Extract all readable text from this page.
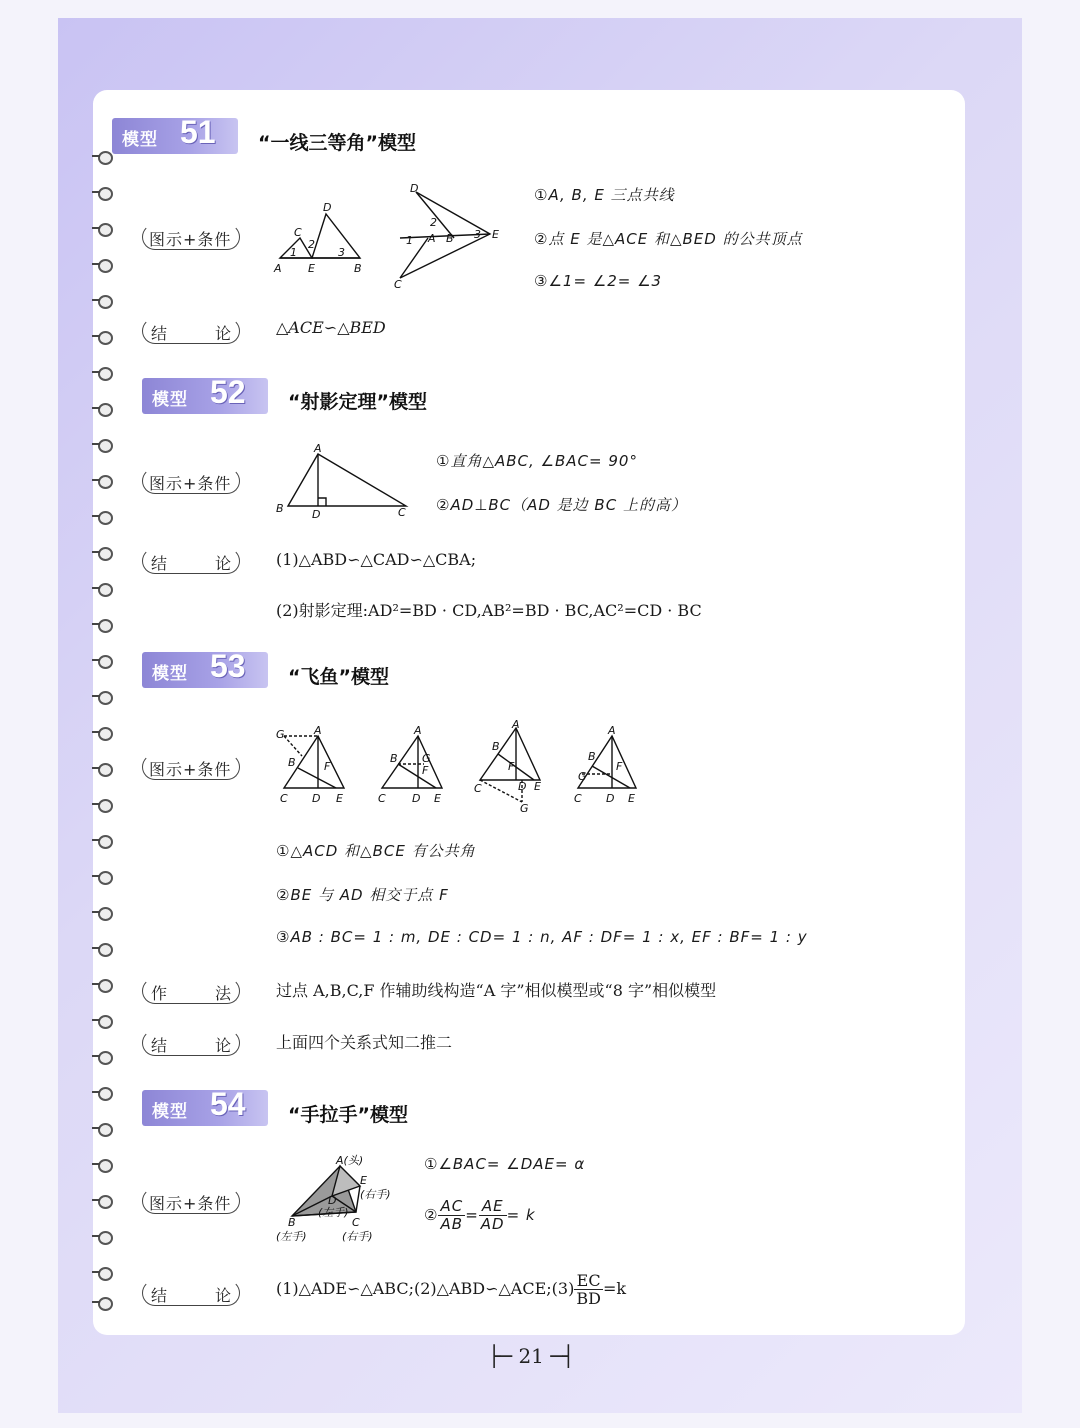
模型 51 “一线三等角”模型
图示+条件
A E	B
C
D
1
2
3
D
E
C
A B
1
2
3
①A, B, E 三点共线
②点 E 是△ACE 和△BED 的公共顶点
③∠1= ∠2= ∠3
结	论	△ACE∽△BED
模型 52 “射影定理”模型
图示+条件
A
B	D	C
①直角△ABC, ∠BAC= 90°
②AD⊥BC（AD 是边 BC 上的高）
结	论	(1)△ABD∽△CAD∽△CBA;
(2)射影定理:AD²=BD · CD,AB²=BD · BC,AC²=CD · BC
模型 53 “飞鱼”模型
图示+条件
G	A
B	F
C D E
A
B G
F
C D E
A
B
F
C	D E
G
A
B
F
G
C D E
①△ACD 和△BCE 有公共角
②BE 与 AD 相交于点 F
③AB : BC= 1 : m, DE : CD= 1 : n, AF : DF= 1 : x, EF : BF= 1 : y
作	法	过点 A,B,C,F 作辅助线构造“A 字”相似模型或“8 字”相似模型
结	论	上面四个关系式知二推二
模型 54 “手拉手”模型
图示+条件
A(头)
E
(右手)
D
(左手)
B	C
(左手)	(右手)
①∠BAC= ∠DAE= α
② $\frac{AC}{AB} = \frac{AE}{AD} = k$
结	论	(1)△ADE∽△ABC;(2)△ABD∽△ACE;(3) $\frac{EC}{BD} =k$
├─ 21 ─┤
